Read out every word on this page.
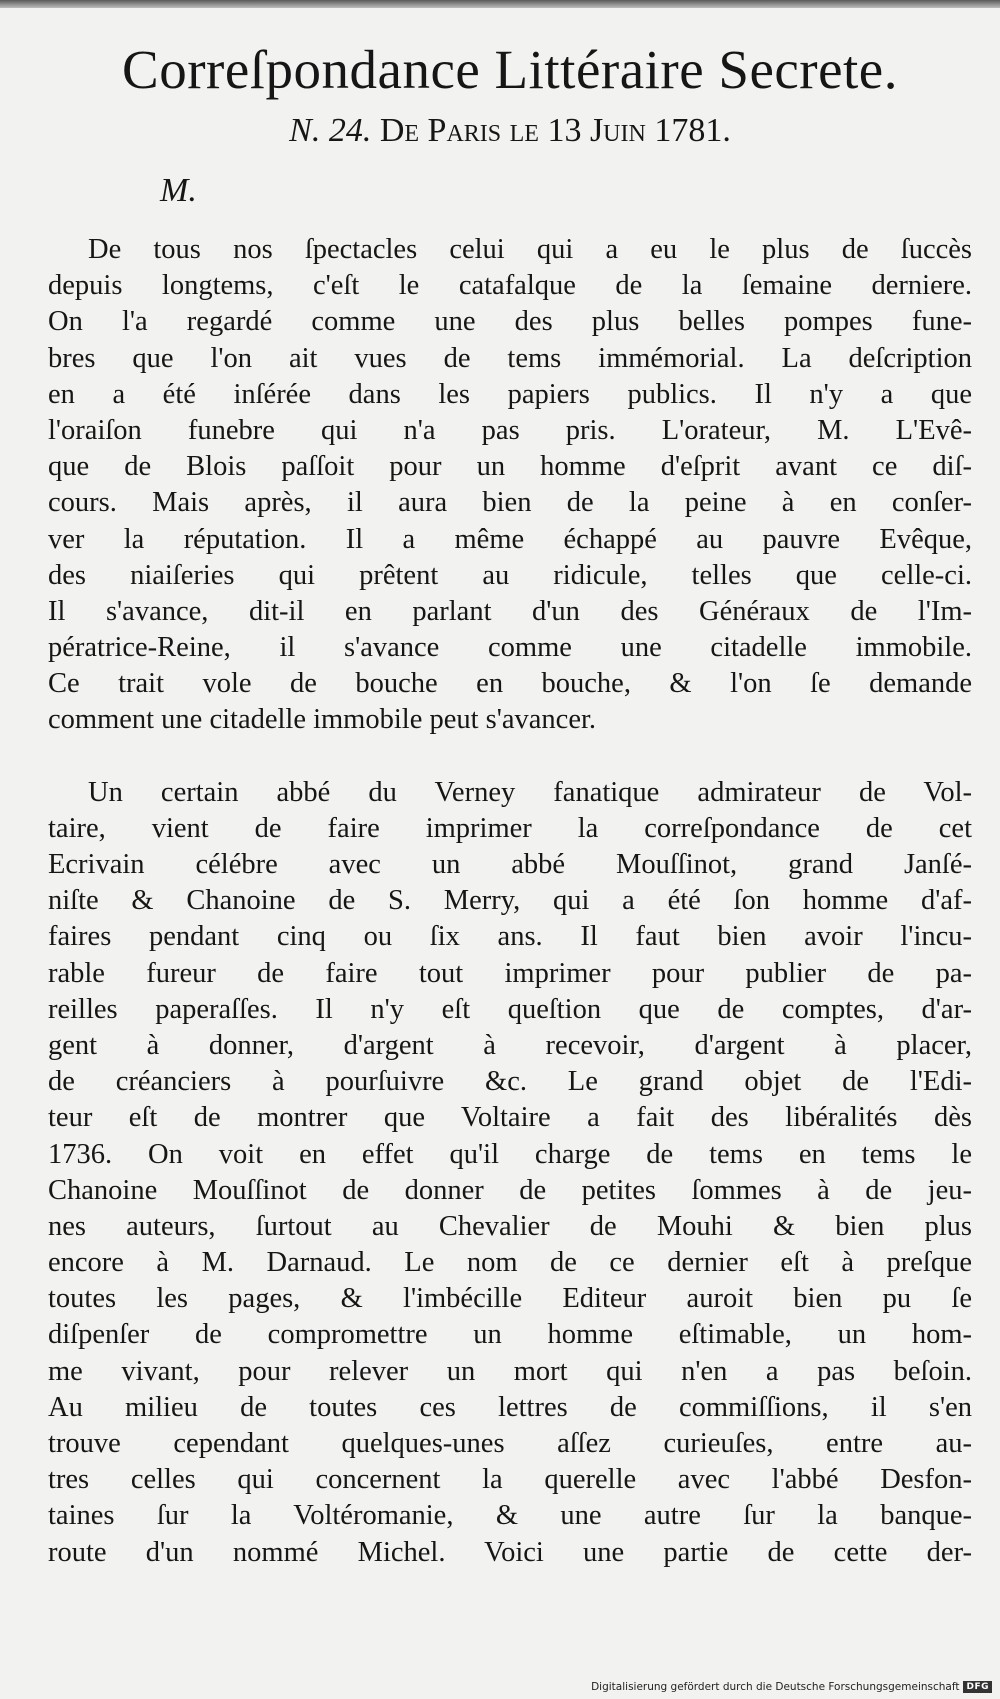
Correſpondance Littéraire Secrete.
N. 24. De Paris le 13 Juin 1781.
M.
De tous nos ſpectacles celui qui a eu le plus de ſuccès
depuis longtems, c'eſt le catafalque de la ſemaine derniere.
On l'a regardé comme une des plus belles pompes fune-
bres que l'on ait vues de tems immémorial. La deſcription
en a été inſérée dans les papiers publics. Il n'y a que
l'oraiſon funebre qui n'a pas pris. L'orateur, M. L'Evê-
que de Blois paſſoit pour un homme d'eſprit avant ce diſ-
cours. Mais après, il aura bien de la peine à en conſer-
ver la réputation. Il a même échappé au pauvre Evêque,
des niaiſeries qui prêtent au ridicule, telles que celle-ci.
Il s'avance, dit-il en parlant d'un des Généraux de l'Im-
pératrice-Reine, il s'avance comme une citadelle immobile.
Ce trait vole de bouche en bouche, & l'on ſe demande
comment une citadelle immobile peut s'avancer.
Un certain abbé du Verney fanatique admirateur de Vol-
taire, vient de faire imprimer la correſpondance de cet
Ecrivain célébre avec un abbé Mouſſinot, grand Janſé-
niſte & Chanoine de S. Merry, qui a été ſon homme d'af-
faires pendant cinq ou ſix ans. Il faut bien avoir l'incu-
rable fureur de faire tout imprimer pour publier de pa-
reilles paperaſſes. Il n'y eſt queſtion que de comptes, d'ar-
gent à donner, d'argent à recevoir, d'argent à placer,
de créanciers à pourſuivre &c. Le grand objet de l'Edi-
teur eſt de montrer que Voltaire a fait des libéralités dès
1736. On voit en effet qu'il charge de tems en tems le
Chanoine Mouſſinot de donner de petites ſommes à de jeu-
nes auteurs, ſurtout au Chevalier de Mouhi & bien plus
encore à M. Darnaud. Le nom de ce dernier eſt à preſque
toutes les pages, & l'imbécille Editeur auroit bien pu ſe
diſpenſer de compromettre un homme eſtimable, un hom-
me vivant, pour relever un mort qui n'en a pas beſoin.
Au milieu de toutes ces lettres de commiſſions, il s'en
trouve cependant quelques-unes aſſez curieuſes, entre au-
tres celles qui concernent la querelle avec l'abbé Desfon-
taines ſur la Voltéromanie, & une autre ſur la banque-
route d'un nommé Michel. Voici une partie de cette der-
Digitalisierung gefördert durch die Deutsche Forschungsgemeinschaft DFG
